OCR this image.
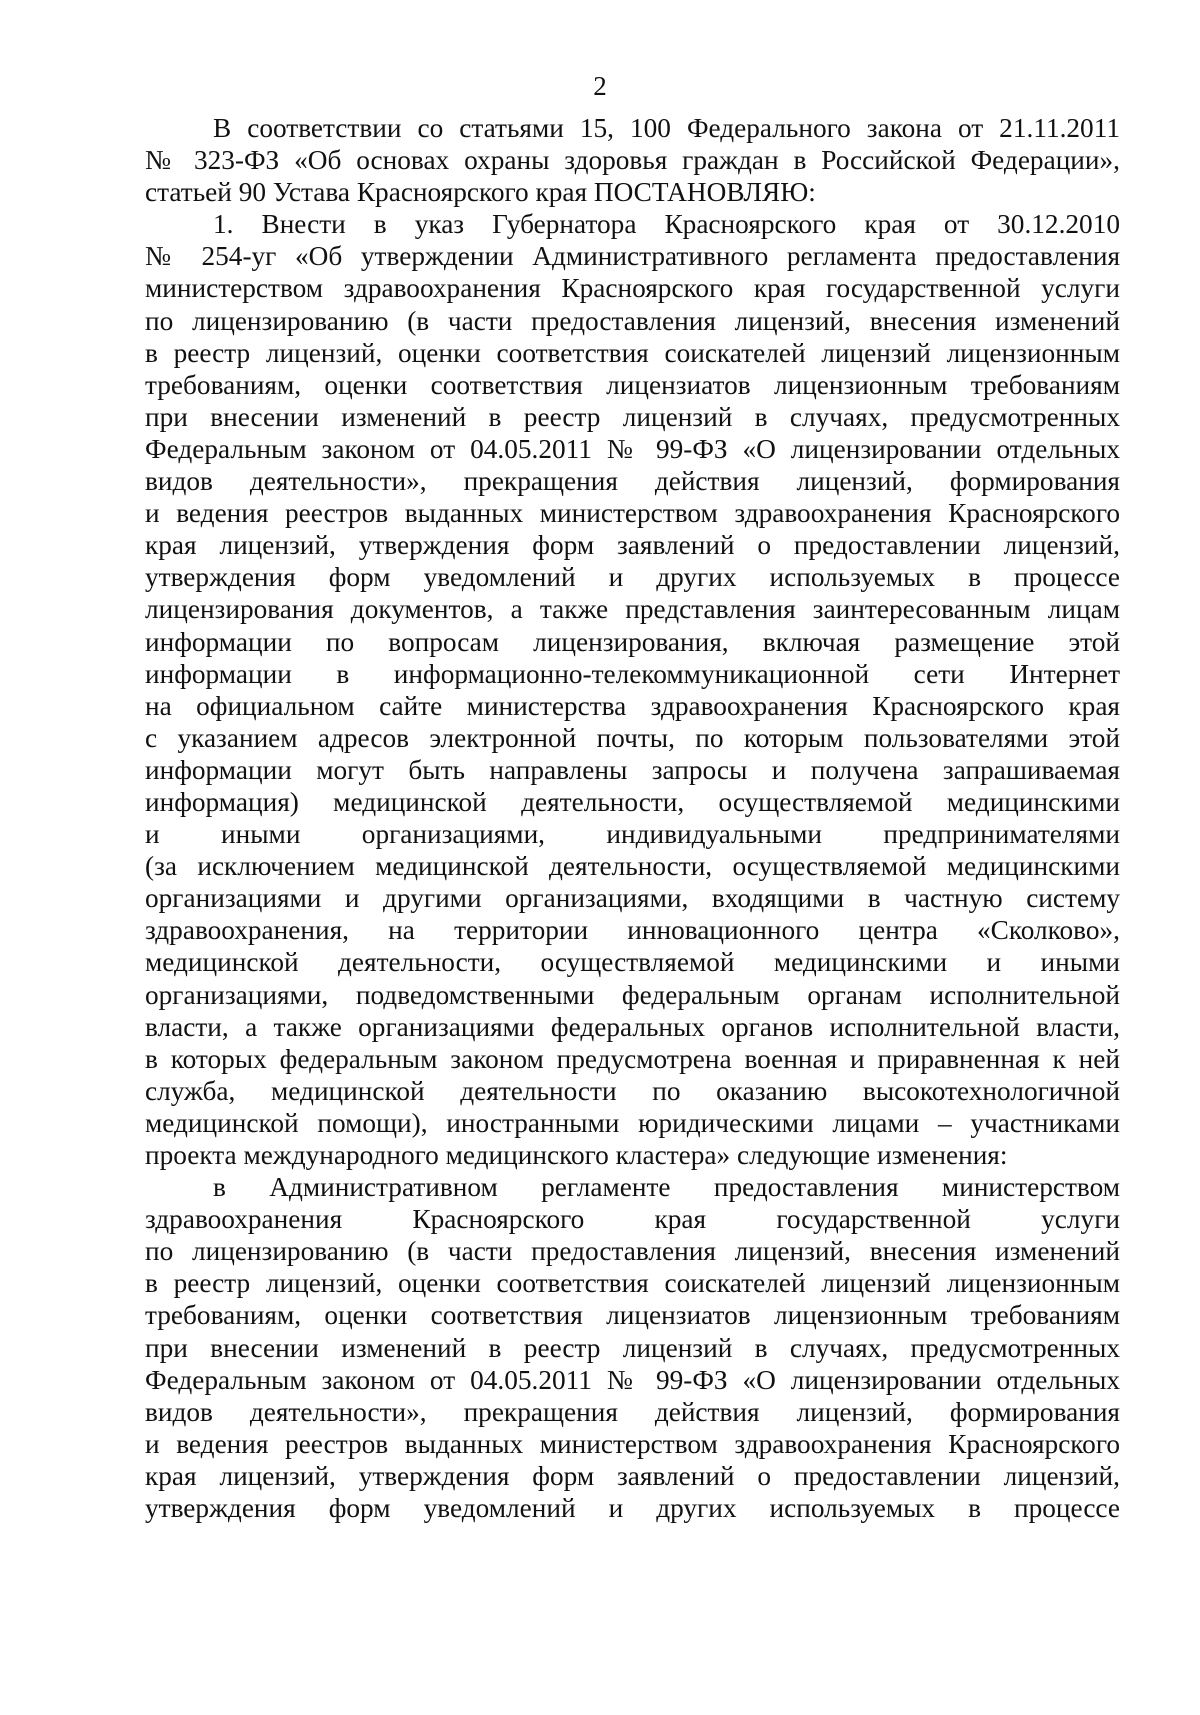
2
В соответствии со статьями 15, 100 Федерального закона от 21.11.2011
№ 323-ФЗ «Об основах охраны здоровья граждан в Российской Федерации»,
статьей 90 Устава Красноярского края ПОСТАНОВЛЯЮ:
1. Внести в указ Губернатора Красноярского края от 30.12.2010
№ 254-уг «Об утверждении Административного регламента предоставления
министерством здравоохранения Красноярского края государственной услуги
по лицензированию (в части предоставления лицензий, внесения изменений
в реестр лицензий, оценки соответствия соискателей лицензий лицензионным
требованиям, оценки соответствия лицензиатов лицензионным требованиям
при внесении изменений в реестр лицензий в случаях, предусмотренных
Федеральным законом от 04.05.2011 № 99-ФЗ «О лицензировании отдельных
видов деятельности», прекращения действия лицензий, формирования
и ведения реестров выданных министерством здравоохранения Красноярского
края лицензий, утверждения форм заявлений о предоставлении лицензий,
утверждения форм уведомлений и других используемых в процессе
лицензирования документов, а также представления заинтересованным лицам
информации по вопросам лицензирования, включая размещение этой
информации в информационно-телекоммуникационной сети Интернет
на официальном сайте министерства здравоохранения Красноярского края
с указанием адресов электронной почты, по которым пользователями этой
информации могут быть направлены запросы и получена запрашиваемая
информация) медицинской деятельности, осуществляемой медицинскими
и иными организациями, индивидуальными предпринимателями
(за исключением медицинской деятельности, осуществляемой медицинскими
организациями и другими организациями, входящими в частную систему
здравоохранения, на территории инновационного центра «Сколково»,
медицинской деятельности, осуществляемой медицинскими и иными
организациями, подведомственными федеральным органам исполнительной
власти, а также организациями федеральных органов исполнительной власти,
в которых федеральным законом предусмотрена военная и приравненная к ней
служба, медицинской деятельности по оказанию высокотехнологичной
медицинской помощи), иностранными юридическими лицами – участниками
проекта международного медицинского кластера» следующие изменения:
в Административном регламенте предоставления министерством
здравоохранения Красноярского края государственной услуги
по лицензированию (в части предоставления лицензий, внесения изменений
в реестр лицензий, оценки соответствия соискателей лицензий лицензионным
требованиям, оценки соответствия лицензиатов лицензионным требованиям
при внесении изменений в реестр лицензий в случаях, предусмотренных
Федеральным законом от 04.05.2011 № 99-ФЗ «О лицензировании отдельных
видов деятельности», прекращения действия лицензий, формирования
и ведения реестров выданных министерством здравоохранения Красноярского
края лицензий, утверждения форм заявлений о предоставлении лицензий,
утверждения форм уведомлений и других используемых в процессе
